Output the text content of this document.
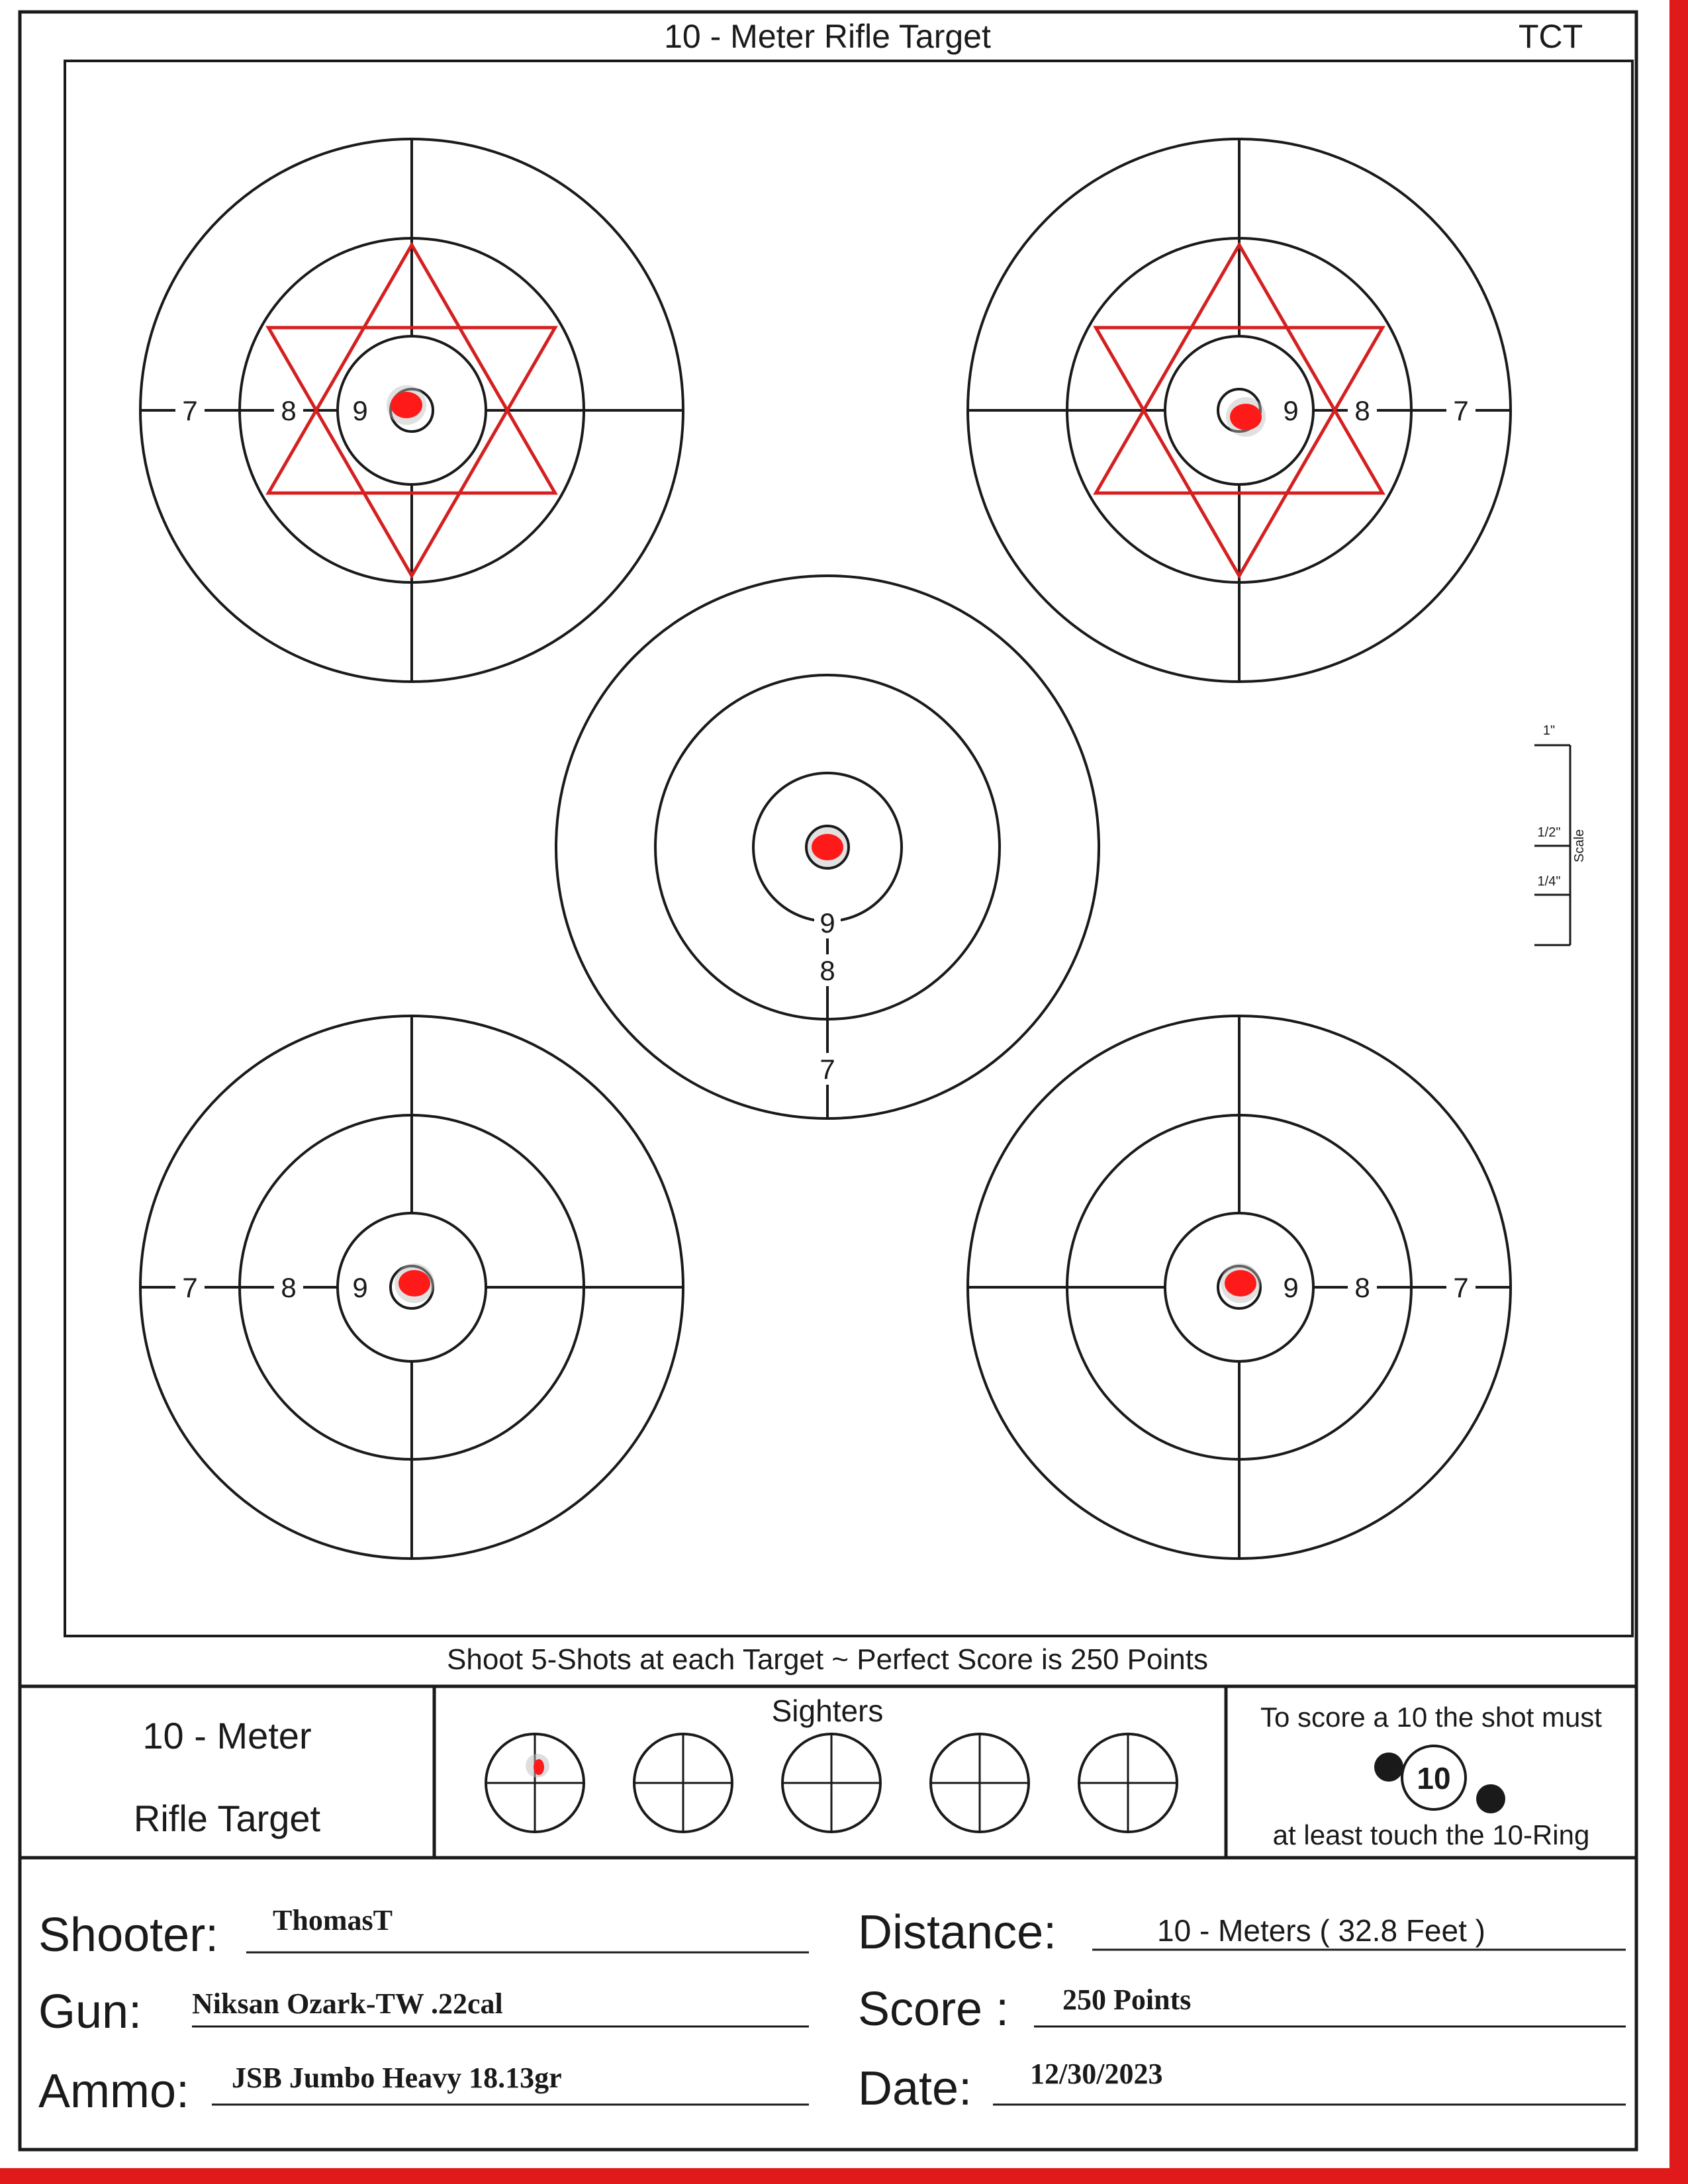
7	8 9	9 8	7
9
8
7
7	8 9	9 8	7
1"
1/2"
1/4"
Scale
10 - Meter Rifle Target	TCT
Shoot 5-Shots at each Target ~ Perfect Score is 250 Points
10 - Meter
Rifle Target
Sighters	To score a 10 the shot must
10
at least touch the 10-Ring
Shooter: ThomasT
Gun: Niksan Ozark-TW .22cal
Ammo: JSB Jumbo Heavy 18.13gr
Distance:	10 - Meters ( 32.8 Feet )
Score : 250 Points
Date: 12/30/2023
